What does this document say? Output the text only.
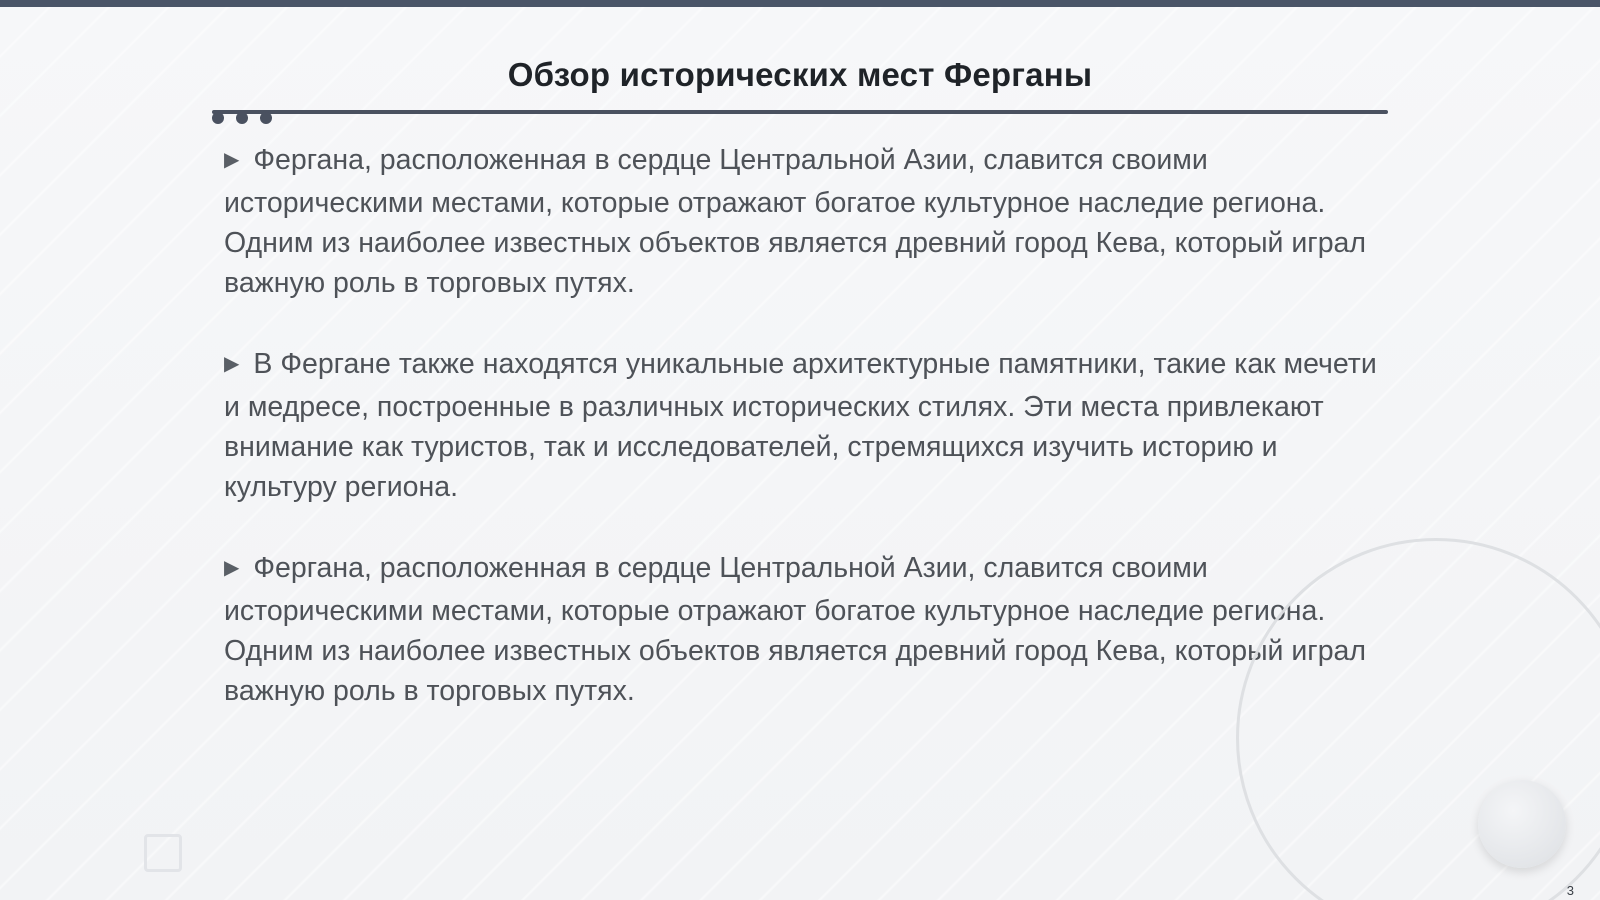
Обзор исторических мест Ферганы

▶ Фергана, расположенная в сердце Центральной Азии, славится своими историческими местами, которые отражают богатое культурное наследие региона. Одним из наиболее известных объектов является древний город Кева, который играл важную роль в торговых путях.

▶ В Фергане также находятся уникальные архитектурные памятники, такие как мечети и медресе, построенные в различных исторических стилях. Эти места привлекают внимание как туристов, так и исследователей, стремящихся изучить историю и культуру региона.

▶ Фергана, расположенная в сердце Центральной Азии, славится своими историческими местами, которые отражают богатое культурное наследие региона. Одним из наиболее известных объектов является древний город Кева, который играл важную роль в торговых путях.

3
